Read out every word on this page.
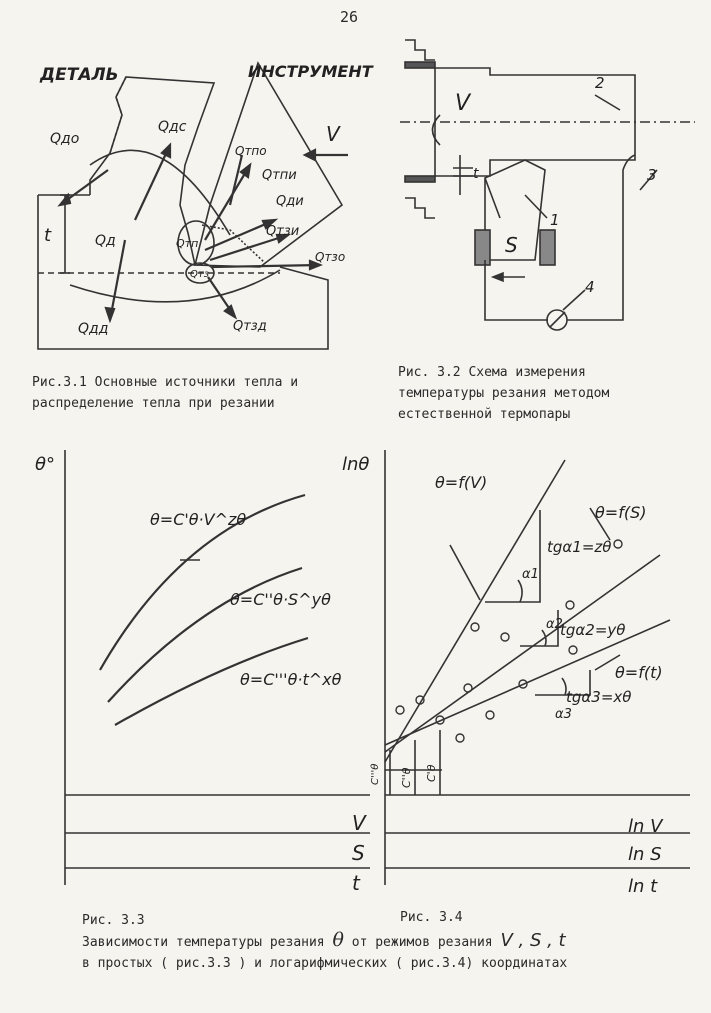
26
ДЕТАЛЬ	ИНСТРУМЕНТ
V
t
Qдо
Qдс
Qтпо
Qтпи
Qд
Qди
Qтзи
Qтп
Qтзо
Qтз
Qдд	Qтзд
Рис.3.1 Основные источники тепла и
распределение тепла при резании
V
t
S
1
2
3
4
Рис. 3.2 Схема измерения
температуры резания методом
естественной термопары
θ°
V
S
t
θ=C'θ·V^zθ
θ=C''θ·S^yθ
θ=C'''θ·t^xθ
lnθ
ln V
ln S
ln t
θ=f(V)
θ=f(S)
θ=f(t)
tgα1=zθ
tgα2=yθ
tgα3=xθ
α1
α2
α3
C'''θ C''θ C'θ
Рис. 3.3	Рис. 3.4
Зависимости температуры резания θ от режимов резания V , S , t
в простых ( рис.3.3 ) и логарифмических ( рис.3.4) координатах
